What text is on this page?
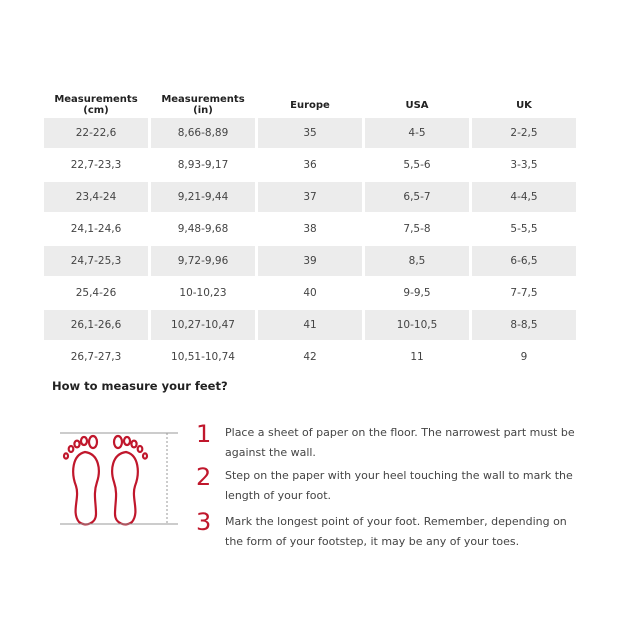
Measurements (cm)	Measurements (in)	Europe	USA	UK
22-22,6	8,66-8,89	35	4-5	2-2,5
22,7-23,3	8,93-9,17	36	5,5-6	3-3,5
23,4-24	9,21-9,44	37	6,5-7	4-4,5
24,1-24,6	9,48-9,68	38	7,5-8	5-5,5
24,7-25,3	9,72-9,96	39	8,5	6-6,5
25,4-26	10-10,23	40	9-9,5	7-7,5
26,1-26,6	10,27-10,47	41	10-10,5	8-8,5
26,7-27,3	10,51-10,74	42	11	9
How to measure your feet?
1 Place a sheet of paper on the floor. The narrowest part must be against the wall.
2 Step on the paper with your heel touching the wall to mark the length of your foot.
3 Mark the longest point of your foot. Remember, depending on the form of your footstep, it may be any of your toes.
